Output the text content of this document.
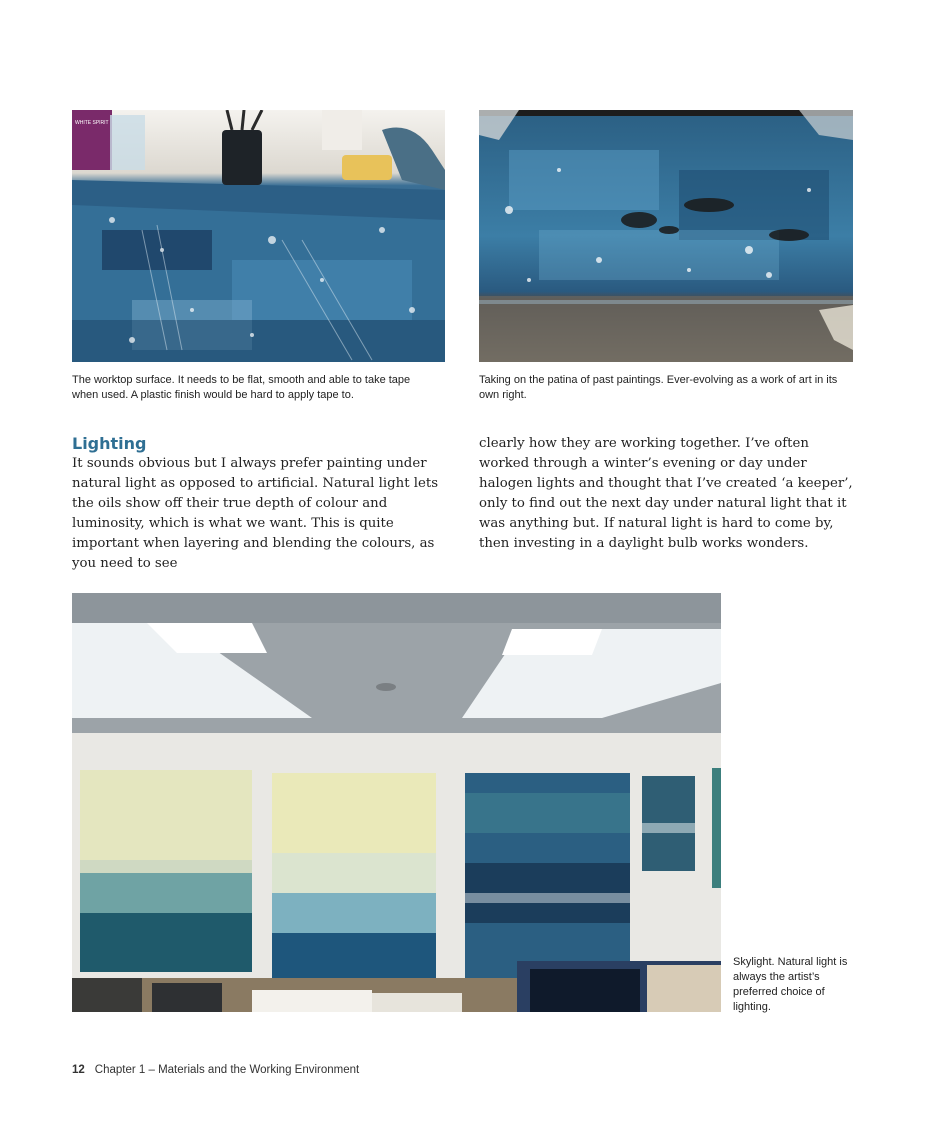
WHITE SPIRIT
The worktop surface. It needs to be flat, smooth and able to take tape when used. A plastic finish would be hard to apply tape to.
Taking on the patina of past paintings. Ever-evolving as a work of art in its own right.
Lighting

It sounds obvious but I always prefer painting under natural light as opposed to artificial. Natural light lets the oils show off their true depth of colour and luminosity, which is what we want. This is quite important when layering and blending the colours, as you need to see

clearly how they are working together. I’ve often worked through a winter’s evening or day under halogen lights and thought that I’ve created ‘a keeper’, only to find out the next day under natural light that it was anything but. If natural light is hard to come by, then investing in a daylight bulb works wonders.

Skylight. Natural light is always the artist’s preferred choice of lighting.
12 Chapter 1 – Materials and the Working Environment
